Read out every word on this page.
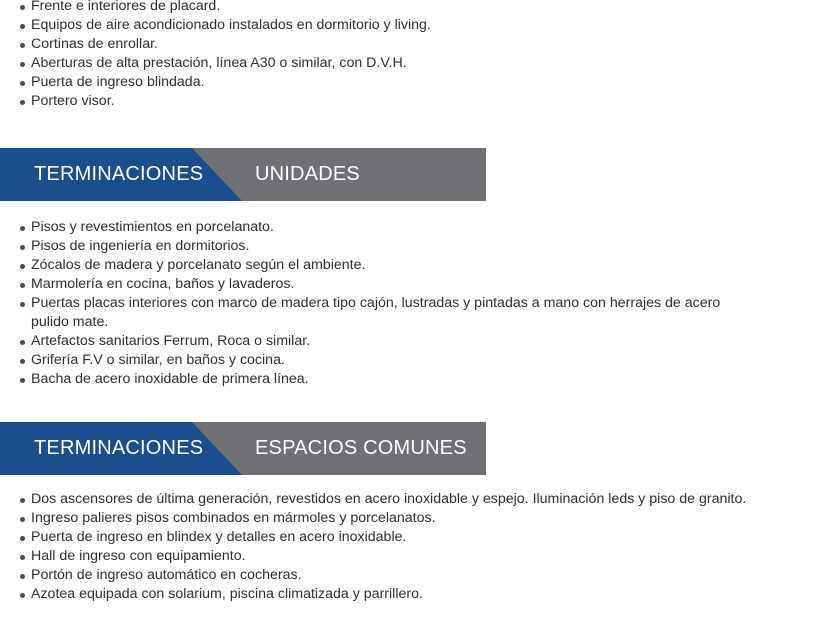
Frente e interiores de placard.
Equipos de aire acondicionado instalados en dormitorio y living.
Cortinas de enrollar.
Aberturas de alta prestación, línea A30 o similar, con D.V.H.
Puerta de ingreso blindada.
Portero visor.
TERMINACIONES	UNIDADES
Pisos y revestimientos en porcelanato.
Pisos de ingeniería en dormitorios.
Zócalos de madera y porcelanato según el ambiente.
Marmolería en cocina, baños y lavaderos.
Puertas placas interiores con marco de madera tipo cajón, lustradas y pintadas a mano con herrajes de acero pulido mate.
Artefactos sanitarios Ferrum, Roca o similar.
Grifería F.V o similar, en baños y cocina.
Bacha de acero inoxidable de primera línea.
TERMINACIONES	ESPACIOS COMUNES
Dos ascensores de última generación, revestidos en acero inoxidable y espejo. Iluminación leds y piso de granito.
Ingreso palieres pisos combinados en mármoles y porcelanatos.
Puerta de ingreso en blindex y detalles en acero inoxidable.
Hall de ingreso con equipamiento.
Portón de ingreso automático en cocheras.
Azotea equipada con solarium, piscina climatizada y parrillero.
